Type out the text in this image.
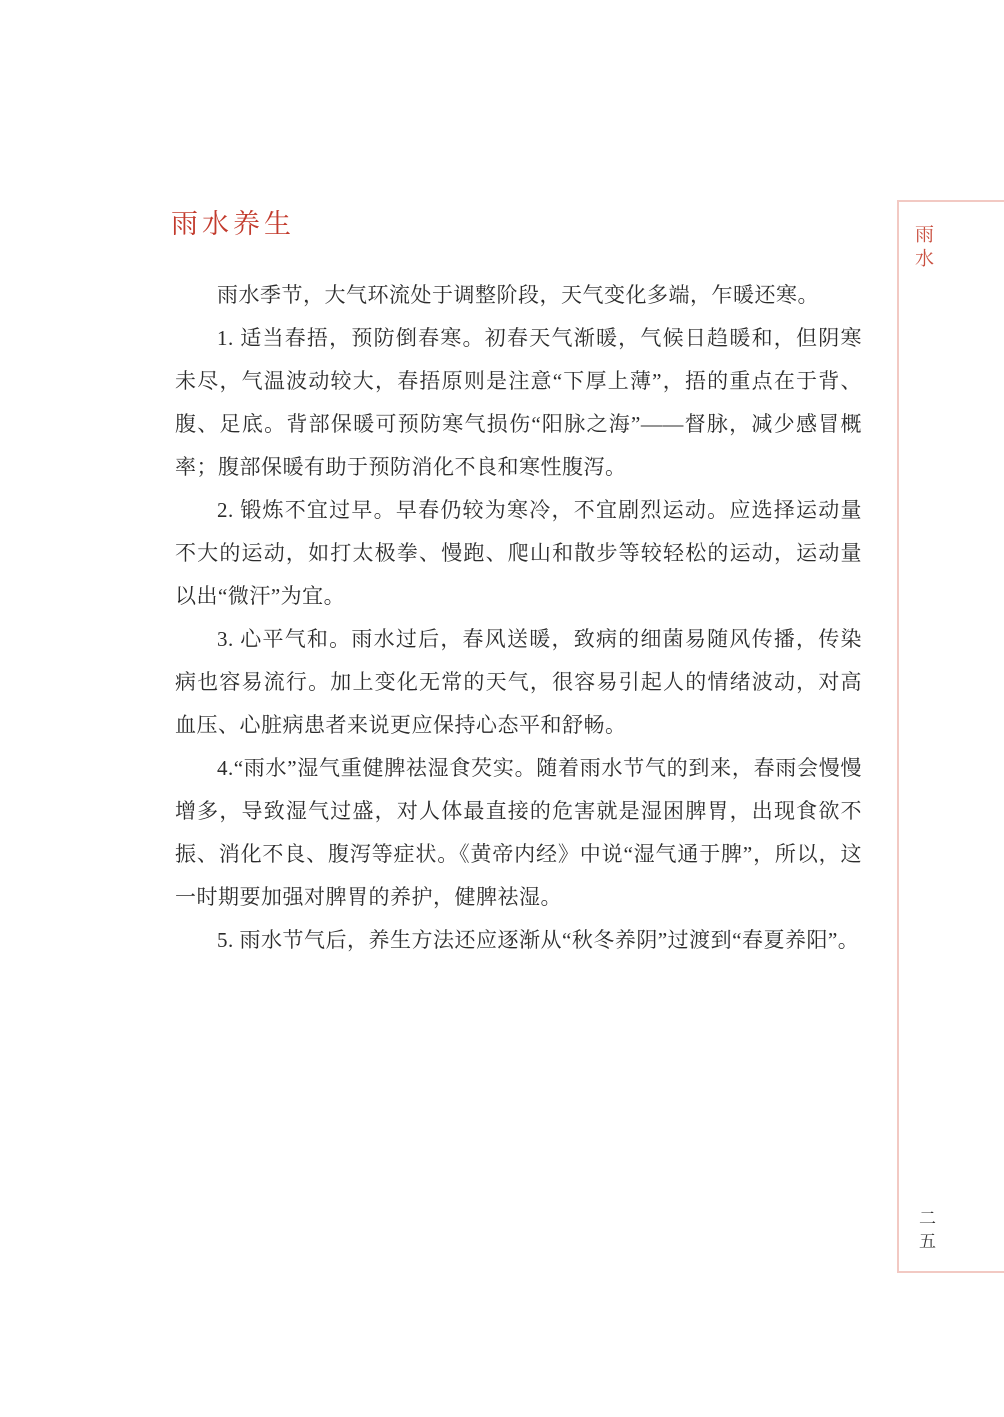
雨水养生

雨水季节，大气环流处于调整阶段，天气变化多端，乍暖还寒。

1. 适当春捂，预防倒春寒。初春天气渐暖，气候日趋暖和，但阴寒未尽，气温波动较大，春捂原则是注意“下厚上薄”，捂的重点在于背、腹、足底。背部保暖可预防寒气损伤“阳脉之海”——督脉，减少感冒概率；腹部保暖有助于预防消化不良和寒性腹泻。

2. 锻炼不宜过早。早春仍较为寒冷，不宜剧烈运动。应选择运动量不大的运动，如打太极拳、慢跑、爬山和散步等较轻松的运动，运动量以出“微汗”为宜。

3. 心平气和。雨水过后，春风送暖，致病的细菌易随风传播，传染病也容易流行。加上变化无常的天气，很容易引起人的情绪波动，对高血压、心脏病患者来说更应保持心态平和舒畅。

4.“雨水”湿气重健脾祛湿食芡实。随着雨水节气的到来，春雨会慢慢增多，导致湿气过盛，对人体最直接的危害就是湿困脾胃，出现食欲不振、消化不良、腹泻等症状。《黄帝内经》中说“湿气通于脾”，所以，这一时期要加强对脾胃的养护，健脾祛湿。

5. 雨水节气后，养生方法还应逐渐从“秋冬养阴”过渡到“春夏养阳”。

雨水
二五
